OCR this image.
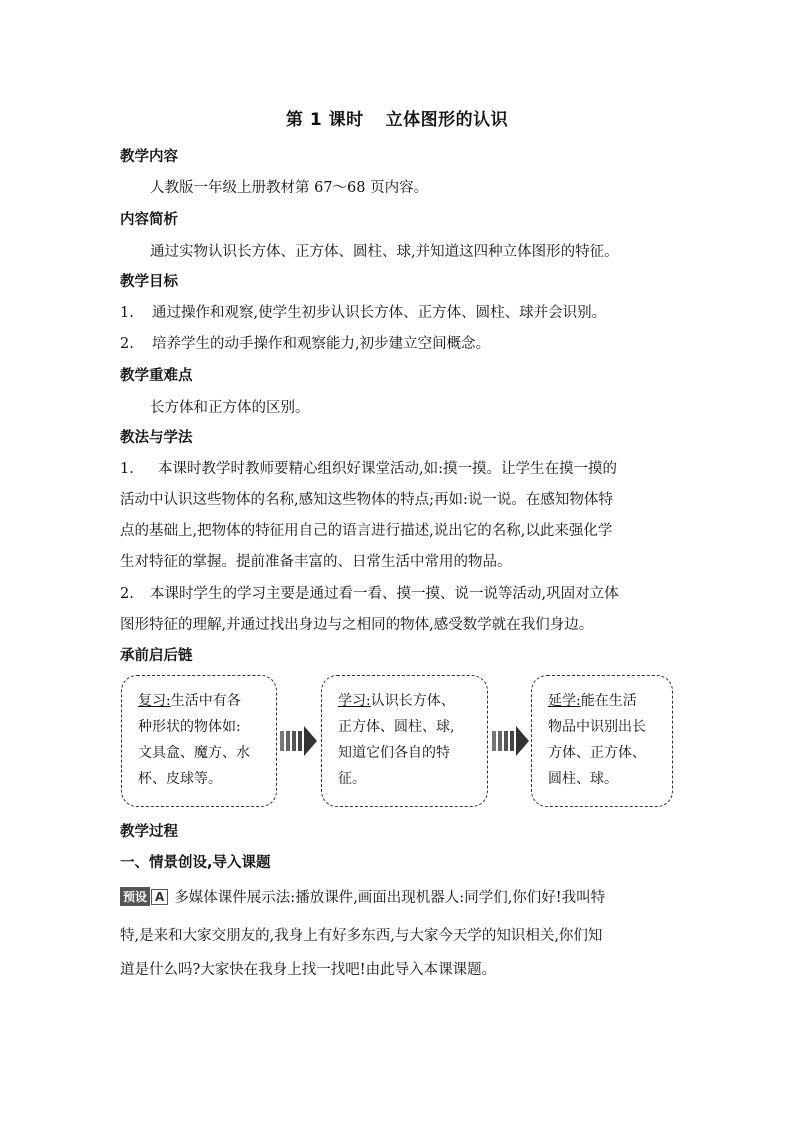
第 1 课时 立体图形的认识
教学内容
人教版一年级上册教材第 67～68 页内容。
内容简析
通过实物认识长方体、正方体、圆柱、球,并知道这四种立体图形的特征。
教学目标
1. 通过操作和观察,使学生初步认识长方体、正方体、圆柱、球并会识别。
2. 培养学生的动手操作和观察能力,初步建立空间概念。
教学重难点
长方体和正方体的区别。
教法与学法
1. 本课时教学时教师要精心组织好课堂活动,如:摸一摸。让学生在摸一摸的
活动中认识这些物体的名称,感知这些物体的特点;再如:说一说。在感知物体特
点的基础上,把物体的特征用自己的语言进行描述,说出它的名称,以此来强化学
生对特征的掌握。提前准备丰富的、日常生活中常用的物品。
2. 本课时学生的学习主要是通过看一看、摸一摸、说一说等活动,巩固对立体
图形特征的理解,并通过找出身边与之相同的物体,感受数学就在我们身边。
承前启后链
复习:生活中有各
种形状的物体如:
文具盒、魔方、水
杯、皮球等。
学习:认识长方体、
正方体、圆柱、球,
知道它们各自的特
征。
延学:能在生活
物品中识别出长
方体、正方体、
圆柱、球。
教学过程
一、情景创设,导入课题
预设 A 多媒体课件展示法:播放课件,画面出现机器人:同学们,你们好!我叫特
特,是来和大家交朋友的,我身上有好多东西,与大家今天学的知识相关,你们知
道是什么吗?大家快在我身上找一找吧!由此导入本课课题。
